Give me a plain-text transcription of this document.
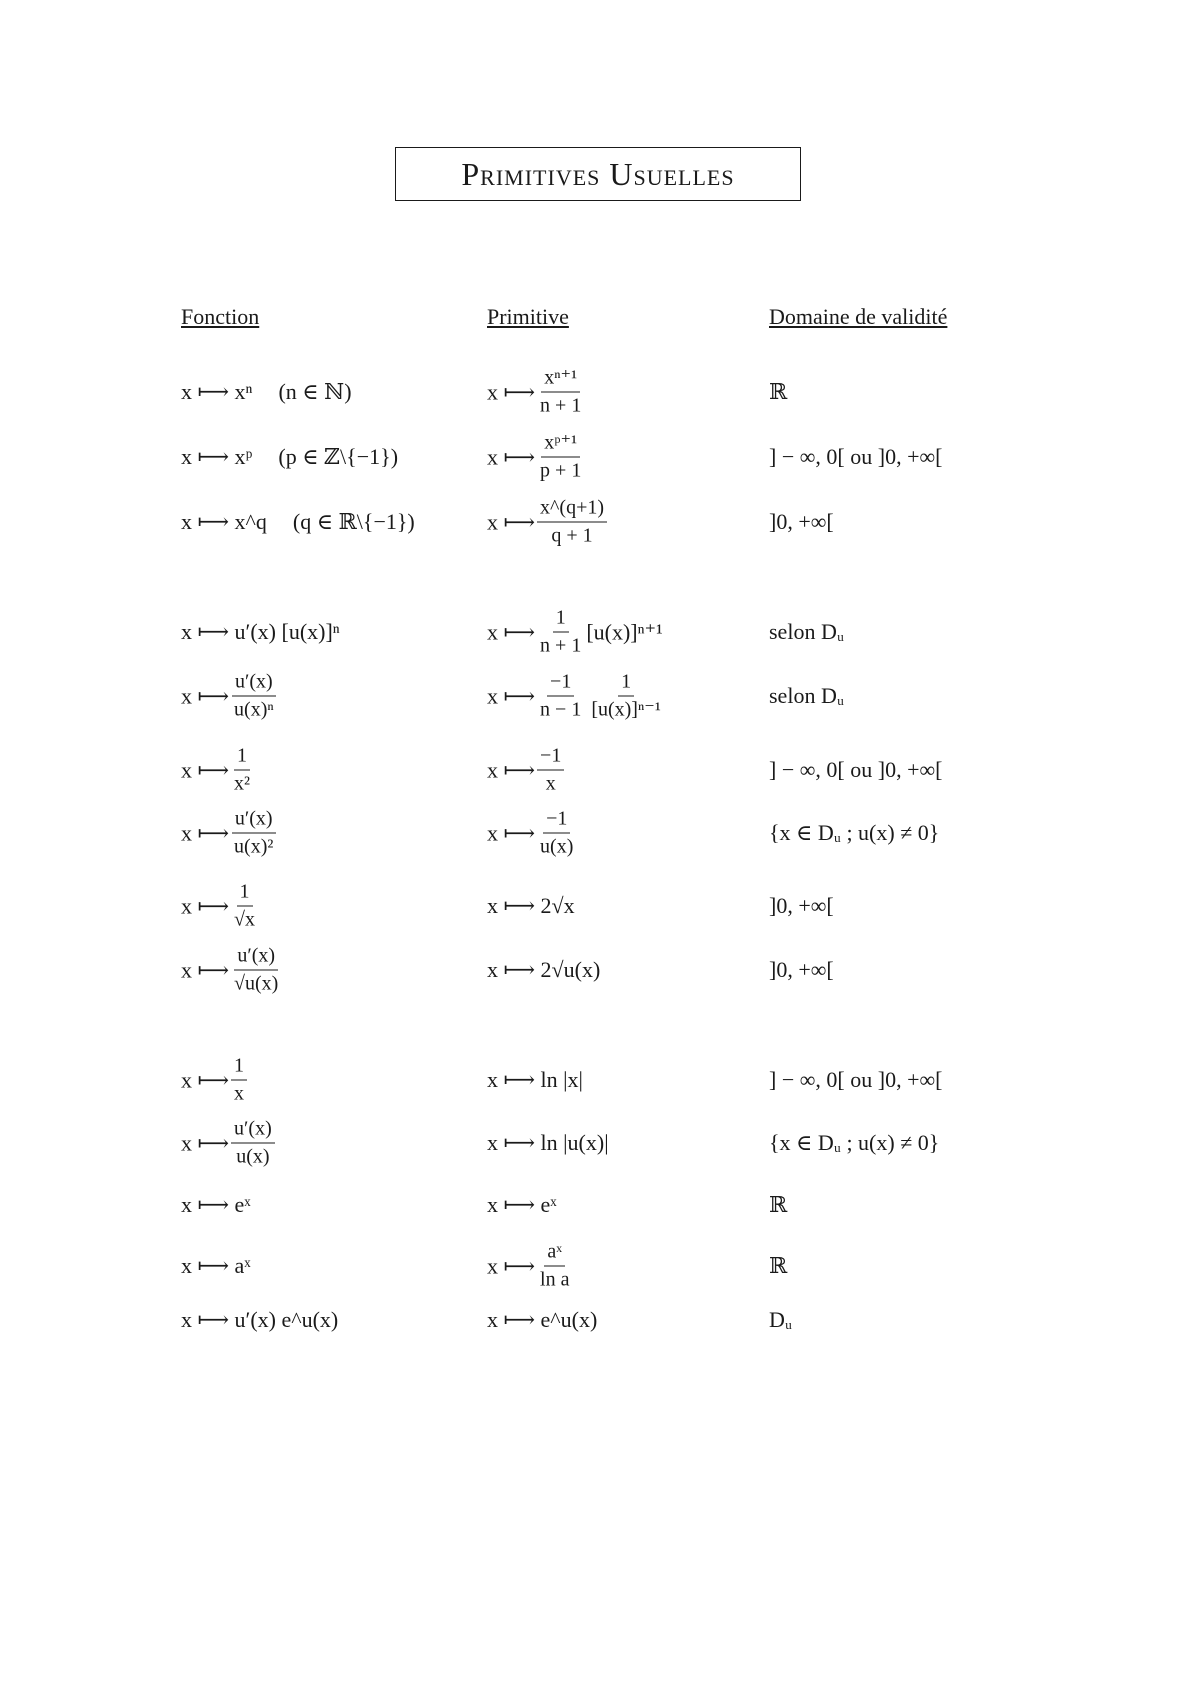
Primitives Usuelles
Fonction	Primitive	Domaine de validité
x ⟼ xⁿ (n ∈ ℕ)	x ⟼ $\frac{\text{xⁿ⁺¹}}{n + 1}$	ℝ
x ⟼ xᵖ (p ∈ ℤ\{−1})	x ⟼ $\frac{\text{xᵖ⁺¹}}{p + 1}$	] − ∞, 0[ ou ]0, +∞[
x ⟼ x^q (q ∈ ℝ\{−1})	x ⟼ $\frac{x\^{}(q+1)}{q + 1}$	]0, +∞[
x ⟼ u′(x) [u(x)]ⁿ	x ⟼ $\frac{1}{n + 1} [u(x)]^{n+1}$	selon Dᵤ
x ⟼ $\frac{u'(x)}{\text{u(x)ⁿ}}$	x ⟼ $\frac{-1}{n - 1} \frac{1}{\text{[u(x)]ⁿ⁻¹}}$	selon Dᵤ
x ⟼ $\frac{1}{\text{x²}}$	x ⟼ $\frac{-1}{x}$	] − ∞, 0[ ou ]0, +∞[
x ⟼ $\frac{u'(x)}{\text{u(x)²}}$	x ⟼ $\frac{-1}{u(x)}$	{x ∈ Dᵤ ; u(x) ≠ 0}
x ⟼ $\frac{1}{√x}$	x ⟼ 2√x	]0, +∞[
x ⟼ $\frac{u'(x)}{√u(x)}$	x ⟼ 2√u(x)	]0, +∞[
x ⟼ $\frac{1}{x}$	x ⟼ ln |x|	] − ∞, 0[ ou ]0, +∞[
x ⟼ $\frac{u'(x)}{u(x)}$	x ⟼ ln |u(x)|	{x ∈ Dᵤ ; u(x) ≠ 0}
x ⟼ eˣ	x ⟼ eˣ	ℝ
x ⟼ aˣ	x ⟼ $\frac{\text{aˣ}}{\text{ln a}}$	ℝ
x ⟼ u′(x) e^u(x)	x ⟼ e^u(x)	Dᵤ
